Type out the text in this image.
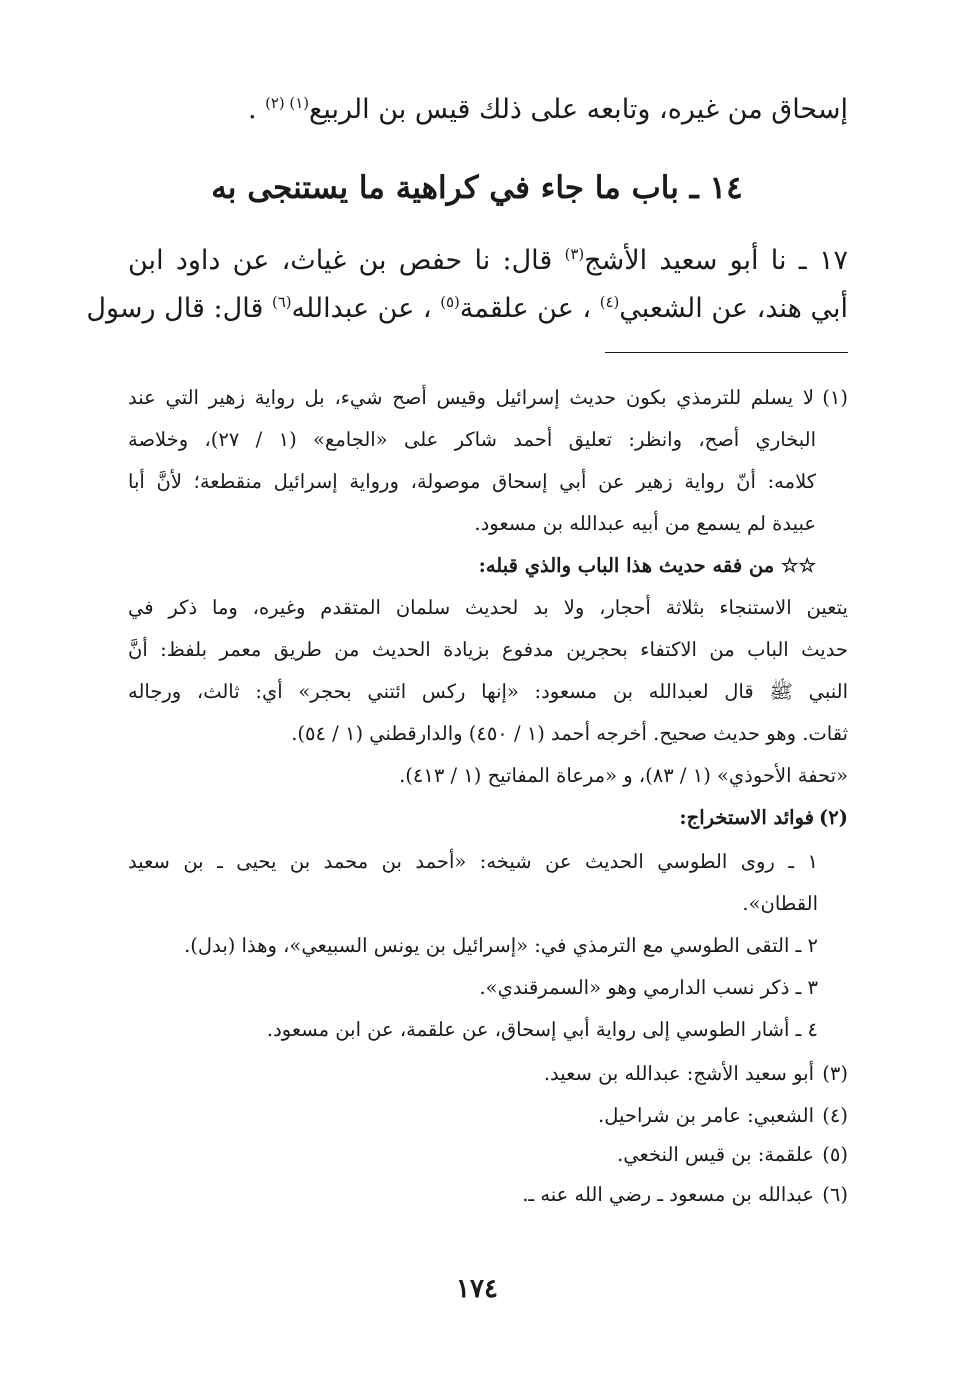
إسحاق من غيره، وتابعه على ذلك قيس بن الربيع$^{(١) (٢)}$ .
١٤ ـ باب ما جاء في كراهية ما يستنجى به
١٧ ـ نا أبو سعيد الأشج$^{(٣)}$ قال: نا حفص بن غياث، عن داود ابن
أبي هند، عن الشعبي$^{(٤)}$ ، عن علقمة$^{(٥)}$ ، عن عبدالله$^{(٦)}$ قال: قال رسول
(١)لا يسلم للترمذي بكون حديث إسرائيل وقيس أصح شيء، بل رواية زهير التي عند
البخاري أصح، وانظر: تعليق أحمد شاكر على «الجامع» (١ / ٢٧)، وخلاصة
كلامه: أنّ رواية زهير عن أبي إسحاق موصولة، ورواية إسرائيل منقطعة؛ لأنَّ أبا
عبيدة لم يسمع من أبيه عبدالله بن مسعود.
☆☆ من فقه حديث هذا الباب والذي قبله:
يتعين الاستنجاء بثلاثة أحجار، ولا بد لحديث سلمان المتقدم وغيره، وما ذكر في
حديث الباب من الاكتفاء بحجرين مدفوع بزيادة الحديث من طريق معمر بلفظ: أنَّ
النبي ﷺ قال لعبدالله بن مسعود: «إنها ركس ائتني بحجر» أي: ثالث، ورجاله
ثقات. وهو حديث صحيح. أخرجه أحمد (١ / ٤٥٠) والدارقطني (١ / ٥٤).
«تحفة الأحوذي» (١ / ٨٣)، و «مرعاة المفاتيح (١ / ٤١٣).
(٢)فوائد الاستخراج:
١ ـ روى الطوسي الحديث عن شيخه: «أحمد بن محمد بن يحيى ـ بن سعيد
القطان».
٢ ـ التقى الطوسي مع الترمذي في: «إسرائيل بن يونس السبيعي»، وهذا (بدل).
٣ ـ ذكر نسب الدارمي وهو «السمرقندي».
٤ ـ أشار الطوسي إلى رواية أبي إسحاق، عن علقمة، عن ابن مسعود.
(٣)أبو سعيد الأشج: عبدالله بن سعيد.
(٤)الشعبي: عامر بن شراحيل.
(٥)علقمة: بن قيس النخعي.
(٦)عبدالله بن مسعود ـ رضي الله عنه ـ.
١٧٤
